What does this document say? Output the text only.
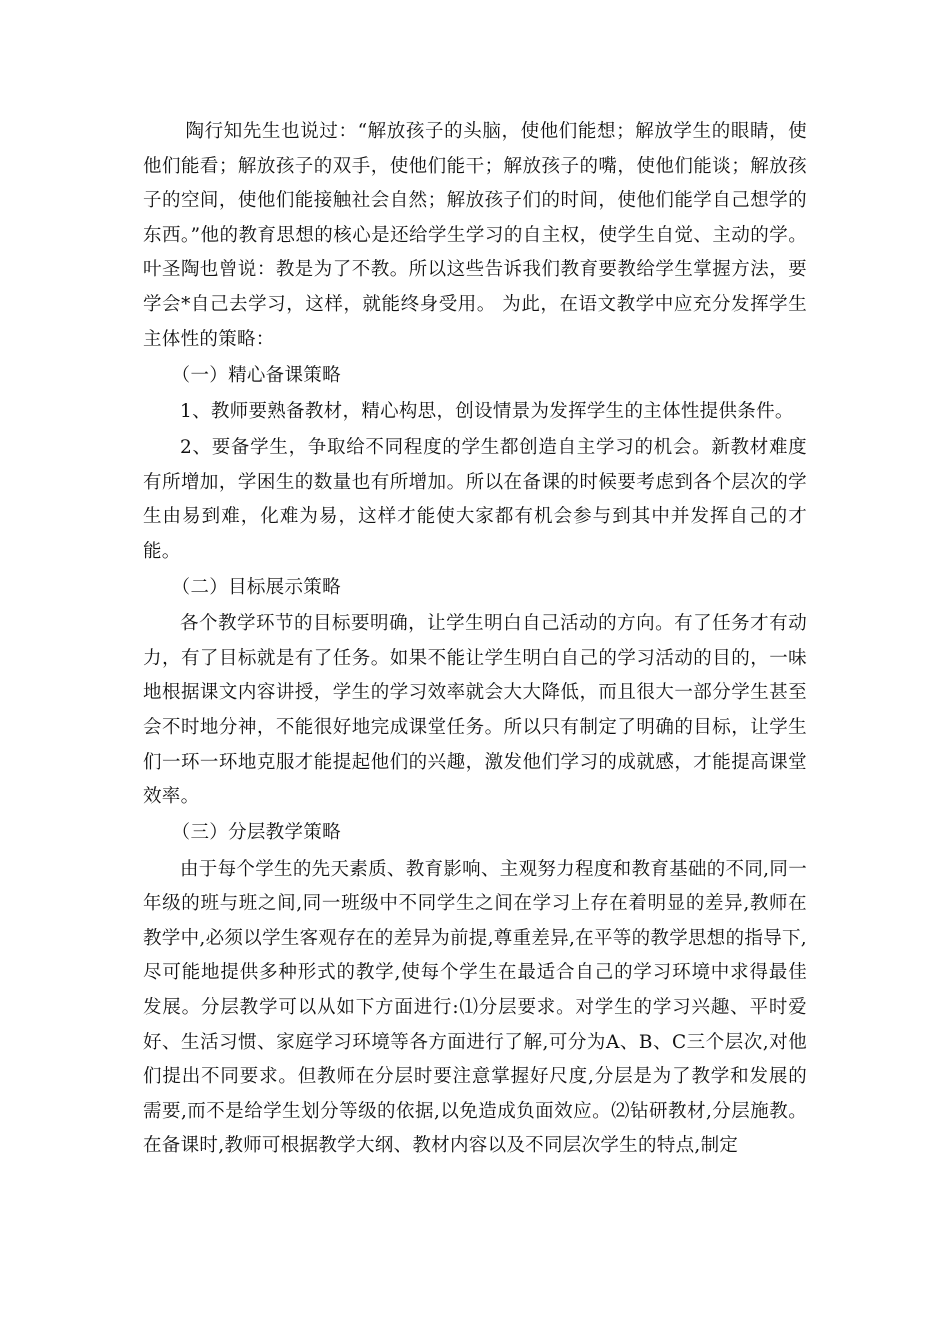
陶行知先生也说过：“解放孩子的头脑，使他们能想；解放学生的眼睛，使他们能看；解放孩子的双手，使他们能干；解放孩子的嘴，使他们能谈；解放孩子的空间，使他们能接触社会自然；解放孩子们的时间，使他们能学自己想学的东西。”他的教育思想的核心是还给学生学习的自主权，使学生自觉、主动的学。叶圣陶也曾说：教是为了不教。所以这些告诉我们教育要教给学生掌握方法，要学会*自己去学习，这样，就能终身受用。 为此，在语文教学中应充分发挥学生主体性的策略：

（一）精心备课策略

1、教师要熟备教材，精心构思，创设情景为发挥学生的主体性提供条件。

2、要备学生，争取给不同程度的学生都创造自主学习的机会。新教材难度有所增加，学困生的数量也有所增加。所以在备课的时候要考虑到各个层次的学生由易到难，化难为易，这样才能使大家都有机会参与到其中并发挥自己的才能。

（二）目标展示策略

各个教学环节的目标要明确，让学生明白自己活动的方向。有了任务才有动力，有了目标就是有了任务。如果不能让学生明白自己的学习活动的目的，一味地根据课文内容讲授，学生的学习效率就会大大降低，而且很大一部分学生甚至会不时地分神，不能很好地完成课堂任务。所以只有制定了明确的目标，让学生们一环一环地克服才能提起他们的兴趣，激发他们学习的成就感，才能提高课堂效率。

（三）分层教学策略

由于每个学生的先天素质、教育影响、主观努力程度和教育基础的不同,同一年级的班与班之间,同一班级中不同学生之间在学习上存在着明显的差异,教师在教学中,必须以学生客观存在的差异为前提,尊重差异,在平等的教学思想的指导下,尽可能地提供多种形式的教学,使每个学生在最适合自己的学习环境中求得最佳发展。分层教学可以从如下方面进行:⑴分层要求。对学生的学习兴趣、平时爱好、生活习惯、家庭学习环境等各方面进行了解,可分为A、B、C三个层次,对他们提出不同要求。但教师在分层时要注意掌握好尺度,分层是为了教学和发展的需要,而不是给学生划分等级的依据,以免造成负面效应。⑵钻研教材,分层施教。在备课时,教师可根据教学大纲、教材内容以及不同层次学生的特点,制定
